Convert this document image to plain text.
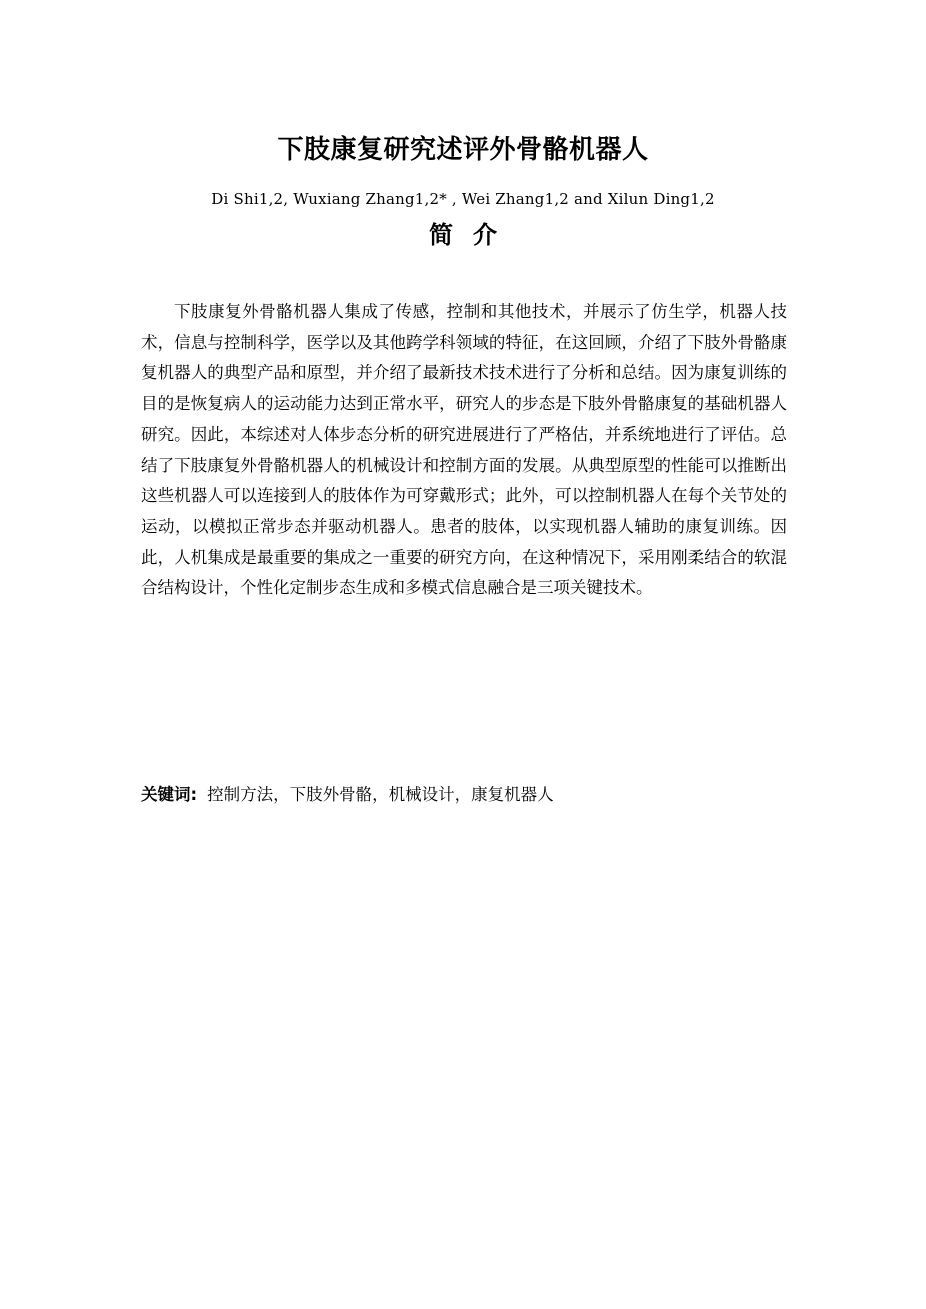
下肢康复研究述评外骨骼机器人
Di Shi1,2, Wuxiang Zhang1,2* , Wei Zhang1,2 and Xilun Ding1,2
简介

下肢康复外骨骼机器人集成了传感，控制和其他技术，并展示了仿生学，机器人技术，信息与控制科学，医学以及其他跨学科领域的特征，在这回顾，介绍了下肢外骨骼康复机器人的典型产品和原型，并介绍了最新技术技术进行了分析和总结。因为康复训练的目的是恢复病人的运动能力达到正常水平，研究人的步态是下肢外骨骼康复的基础机器人研究。因此，本综述对人体步态分析的研究进展进行了严格估，并系统地进行了评估。总结了下肢康复外骨骼机器人的机械设计和控制方面的发展。从典型原型的性能可以推断出这些机器人可以连接到人的肢体作为可穿戴形式；此外，可以控制机器人在每个关节处的运动，以模拟正常步态并驱动机器人。患者的肢体，以实现机器人辅助的康复训练。因此，人机集成是最重要的集成之一重要的研究方向，在这种情况下，采用刚柔结合的软混合结构设计，个性化定制步态生成和多模式信息融合是三项关键技术。

关键词: 控制方法，下肢外骨骼，机械设计，康复机器人
